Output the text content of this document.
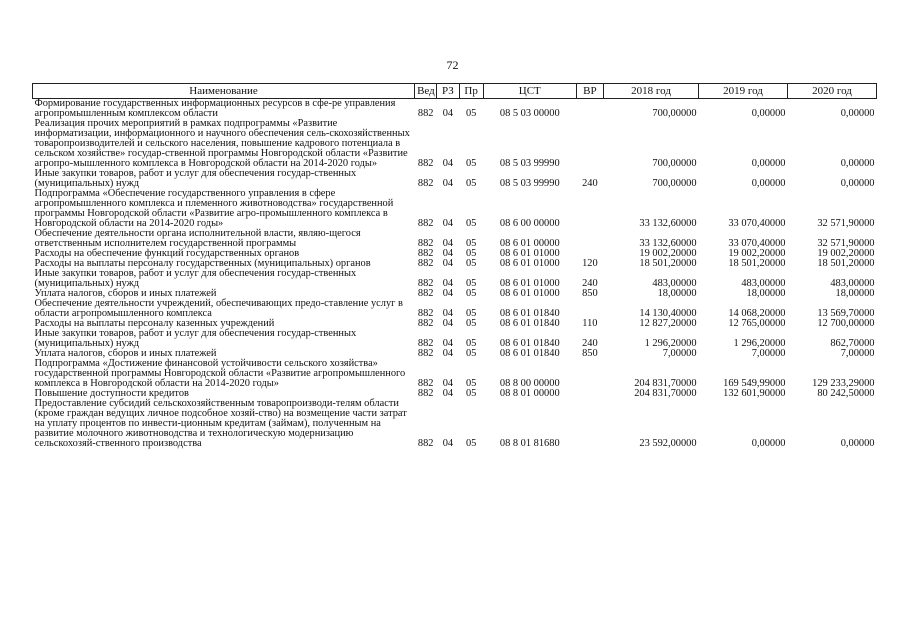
72
Наименование	Вед	РЗ	Пр	ЦСТ	ВР	2018 год	2019 год	2020 год
Формирование государственных информационных ресурсов в сфе-ре управления агропромышленным комплексом области	882	04	05	08 5 03 00000		700,00000	0,00000	0,00000
Реализация прочих мероприятий в рамках подпрограммы «Развитие информатизации, информационного и научного обеспечения сель-скохозяйственных товаропроизводителей и сельского населения, повышение кадрового потенциала в сельском хозяйстве» государ-ственной программы Новгородской области «Развитие агропро-мышленного комплекса в Новгородской области на 2014-2020 годы»	882	04	05	08 5 03 99990		700,00000	0,00000	0,00000
Иные закупки товаров, работ и услуг для обеспечения государ-ственных (муниципальных) нужд	882	04	05	08 5 03 99990	240	700,00000	0,00000	0,00000
Подпрограмма «Обеспечение государственного управления в сфере агропромышленного комплекса и племенного животноводства» государственной программы Новгородской области «Развитие агро-промышленного комплекса в Новгородской области на 2014-2020 годы»	882	04	05	08 6 00 00000		33 132,60000	33 070,40000	32 571,90000
Обеспечение деятельности органа исполнительной власти, являю-щегося ответственным исполнителем государственной программы	882	04	05	08 6 01 00000		33 132,60000	33 070,40000	32 571,90000
Расходы на обеспечение функций государственных органов	882	04	05	08 6 01 01000		19 002,20000	19 002,20000	19 002,20000
Расходы на выплаты персоналу государственных (муниципальных) органов	882	04	05	08 6 01 01000	120	18 501,20000	18 501,20000	18 501,20000
Иные закупки товаров, работ и услуг для обеспечения государ-ственных (муниципальных) нужд	882	04	05	08 6 01 01000	240	483,00000	483,00000	483,00000
Уплата налогов, сборов и иных платежей	882	04	05	08 6 01 01000	850	18,00000	18,00000	18,00000
Обеспечение деятельности учреждений, обеспечивающих предо-ставление услуг в области агропромышленного комплекса	882	04	05	08 6 01 01840		14 130,40000	14 068,20000	13 569,70000
Расходы на выплаты персоналу казенных учреждений	882	04	05	08 6 01 01840	110	12 827,20000	12 765,00000	12 700,00000
Иные закупки товаров, работ и услуг для обеспечения государ-ственных (муниципальных) нужд	882	04	05	08 6 01 01840	240	1 296,20000	1 296,20000	862,70000
Уплата налогов, сборов и иных платежей	882	04	05	08 6 01 01840	850	7,00000	7,00000	7,00000
Подпрограмма «Достижение финансовой устойчивости сельского хозяйства» государственной программы Новгородской области «Развитие агропромышленного комплекса в Новгородской области на 2014-2020 годы»	882	04	05	08 8 00 00000		204 831,70000	169 549,99000	129 233,29000
Повышение доступности кредитов	882	04	05	08 8 01 00000		204 831,70000	132 601,90000	80 242,50000
Предоставление субсидий сельскохозяйственным товаропроизводи-телям области (кроме граждан ведущих личное подсобное хозяй-ство) на возмещение части затрат на уплату процентов по инвести-ционным кредитам (займам), полученным на развитие молочного животноводства и технологическую модернизацию сельскохозяй-ственного производства	882	04	05	08 8 01 81680		23 592,00000	0,00000	0,00000
